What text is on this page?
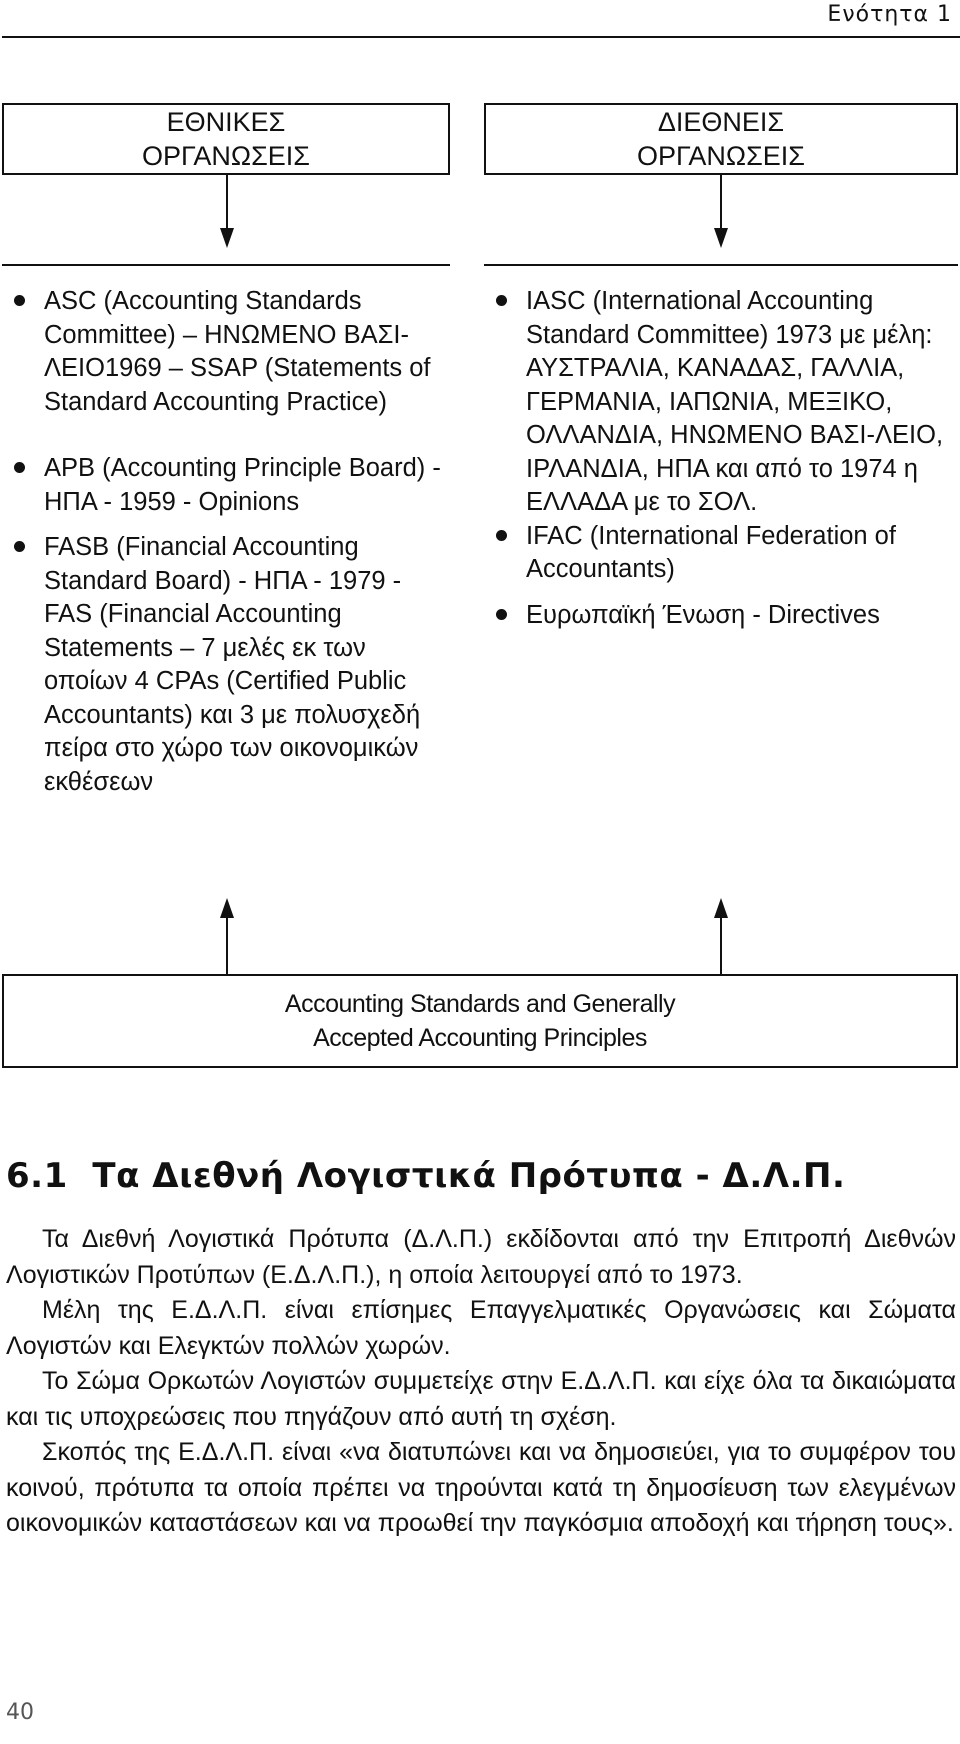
Ενότητα 1
ΕΘΝΙΚΕΣ
ΟΡΓΑΝΩΣΕΙΣ
ΔΙΕΘΝΕΙΣ
ΟΡΓΑΝΩΣΕΙΣ
ASC (Accounting Standards Committee) – ΗΝΩΜΕΝΟ ΒΑΣΙ-ΛΕΙΟ1969 – SSAP (Statements of Standard Accounting Practice)
APB (Accounting Principle Board) - ΗΠΑ - 1959 - Opinions
FASB (Financial Accounting Standard Board) - ΗΠΑ - 1979 - FAS (Financial Accounting Statements – 7 μελές εκ των οποίων 4 CPAs (Certified Public Accountants) και 3 με πολυσχεδή πείρα στο χώρο των οικονομικών εκθέσεων
IASC (International Accounting Standard Committee) 1973 με μέλη: ΑΥΣΤΡΑΛΙΑ, ΚΑΝΑΔΑΣ, ΓΑΛΛΙΑ, ΓΕΡΜΑΝΙΑ, ΙΑΠΩΝΙΑ, ΜΕΞΙΚΟ, ΟΛΛΑΝΔΙΑ, ΗΝΩΜΕΝΟ ΒΑΣΙ-ΛΕΙΟ, ΙΡΛΑΝΔΙΑ, ΗΠΑ και από το 1974 η ΕΛΛΑΔΑ με το ΣΟΛ.
IFAC (International Federation of Accountants)
Ευρωπαϊκή Ένωση - Directives
Accounting Standards and Generally
Accepted Accounting Principles
6.1  Τα Διεθνή Λογιστικά Πρότυπα - Δ.Λ.Π.

Τα Διεθνή Λογιστικά Πρότυπα (Δ.Λ.Π.) εκδίδονται από την Επιτροπή Διεθνών Λογιστικών Προτύπων (Ε.Δ.Λ.Π.), η οποία λειτουργεί από το 1973.

Μέλη της Ε.Δ.Λ.Π. είναι επίσημες Επαγγελματικές Οργανώσεις και Σώματα Λογιστών και Ελεγκτών πολλών χωρών.

Το Σώμα Ορκωτών Λογιστών συμμετείχε στην Ε.Δ.Λ.Π. και είχε όλα τα δικαιώματα και τις υποχρεώσεις που πηγάζουν από αυτή τη σχέση.

Σκοπός της Ε.Δ.Λ.Π. είναι «να διατυπώνει και να δημοσιεύει, για το συμφέρον του κοινού, πρότυπα τα οποία πρέπει να τηρούνται κατά τη δημοσίευση των ελεγμένων οικονομικών καταστάσεων και να προωθεί την παγκόσμια αποδοχή και τήρηση τους».

40
